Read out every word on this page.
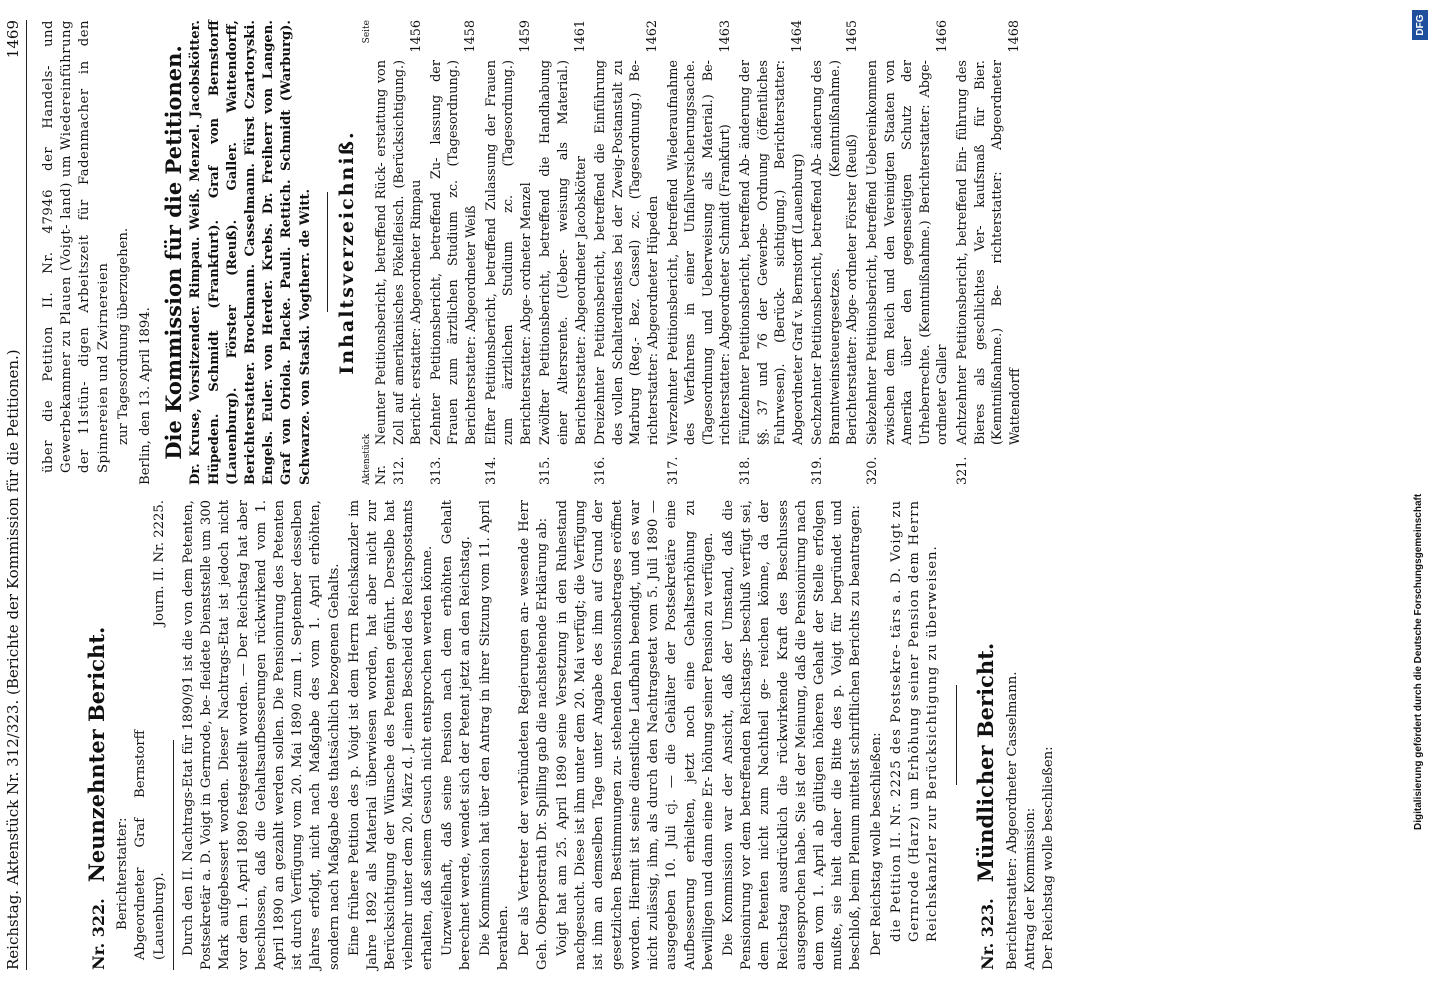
Reichstag. Aktenstück Nr. 312/323. (Berichte der Kommission für die Petitionen.)
1469
Nr. 322.
Neunzehnter Bericht. Berichterstatter: Abgeordneter Graf Bernstorff (Lauenburg).
Journ. II. Nr. 2225. Durch den II. Nachtrags-Etat für 1890/91 ist die von dem Petenten, Postsekretär a. D. Voigt in Gernrode, be- fleidete Dienststelle um 300 Mark aufgebessert worden. Dieser Nachtrags-Etat ist jedoch nicht vor dem 1. April 1890 festgestellt worden. — Der Reichstag hat aber beschlossen, daß die Gehaltsaufbesserungen rückwirkend vom 1. April 1890 an gezahlt werden sollen. Die Pensionirung des Petenten ist durch Verfügung vom 20. Mai 1890 zum 1. September desselben Jahres erfolgt, nicht nach Maßgabe des vom 1. April erhöhten, sondern nach Maßgabe des thatsächlich bezogenen Gehalts. Eine frühere Petition des p. Voigt ist dem Herrn Reichskanzler im Jahre 1892 als Material überwiesen worden, hat aber nicht zur Berücksichtigung der Wünsche des Petenten geführt. Derselbe hat vielmehr unter dem 20. März d. J. einen Bescheid des Reichspostamts erhalten, daß seinem Gesuch nicht entsprochen werden könne. Unzweifelhaft, daß seine Pension nach dem erhöhten Gehalt berechnet werde, wendet sich der Petent jetzt an den Reichstag. Die Kommission hat über den Antrag in ihrer Sitzung vom 11. April berathen. Der als Vertreter der verbündeten Regierungen an- wesende Herr Geh. Oberpostrath Dr. Spilling gab die nachstehende Erklärung ab: Voigt hat am 25. April 1890 seine Versetzung in den Ruhestand nachgesucht. Diese ist ihm unter dem 20. Mai verfügt; die Verfügung ist ihm an demselben Tage unter Angabe des ihm auf Grund der gesetzlichen Bestimmungen zu- stehenden Pensionsbetrages eröffnet worden. Hiermit ist seine dienstliche Laufbahn beendigt, und es war nicht zulässig, ihm, als durch den Nachtragsetat vom 5. Juli 1890 — ausgegeben 10. Juli cj. — die Gehälter der Postsekretäre eine Aufbesserung erhielten, jetzt noch eine Gehaltserhöhung zu bewilligen und dann eine Er- höhung seiner Pension zu verfügen. Die Kommission war der Ansicht, daß der Umstand, daß die Pensionirung vor dem betreffenden Reichstags- beschluß verfügt sei, dem Petenten nicht zum Nachtheil ge- reichen könne, da der Reichstag ausdrücklich die rückwirkende Kraft des Beschlusses ausgesprochen habe. Sie ist der Meinung, daß die Pensionirung nach dem vom 1. April ab gültigen höheren Gehalt der Stelle erfolgen mußte, sie hielt daher die Bitte des p. Voigt für begründet und beschloß, beim Plenum mittelst schriftlichen Berichts zu beantragen: Der Reichstag wolle beschließen: die Petition II. Nr. 2225 des Postsekre- tärs a. D. Voigt zu Gernrode (Harz) um Erhöhung seiner Pension dem Herrn Reichskanzler zur Berücksichtigung zu überweisen. Nr. 323.
Mündlicher Bericht.
Berichterstatter: Abgeordneter Casselmann.
Antrag der Kommission: Der Reichstag wolle beschließen:

über die Petition II. Nr. 47946 der Handels- und Gewerbekammer zu Plauen (Voigt- land) um Wiedereinführung der 11stün- digen Arbeitszeit für Fadenmacher in den Spinnereien und Zwirnereien zur Tagesordnung überzugehen. Berlin, den 13. April 1894. Die Kommission für die Petitionen. Dr. Kruse, Vorsitzender. Rimpau. Weiß. Menzel. Jacobskötter. Hüpeden. Schmidt (Frankfurt). Graf von Bernstorff (Lauenburg). Förster (Reuß). Galler. Wattendorff, Berichterstatter. Brockmann. Casselmann. Fürst Czartoryski. Engels. Euler. von Herder. Krebs. Dr. Freiherr von Langen. Graf von Oriola. Placke. Pauli. Rettich. Schmidt (Warburg). Schwarze. von Staski. Vogtherr. de Witt. Inhaltsverzeichniß.
Aktenstück
Seite
Nr. 312.
Neunter Petitionsbericht, betreffend Rück- erstattung von Zoll auf amerikanisches Pökelfleisch. (Berücksichtigung.) Bericht- erstatter: Abgeordneter Rimpau
1456
313.
Zehnter Petitionsbericht, betreffend Zu- lassung der Frauen zum ärztlichen Studium zc. (Tagesordnung.) Berichterstatter: Abgeordneter Weiß
1458
314.
Elfter Petitionsbericht, betreffend Zulassung der Frauen zum ärztlichen Studium zc. (Tagesordnung.) Berichterstatter: Abge- ordneter Menzel
1459
315.
Zwölfter Petitionsbericht, betreffend die Handhabung einer Altersrente. (Ueber- weisung als Material.) Berichterstatter: Abgeordneter Jacobskötter
1461
316.
Dreizehnter Petitionsbericht, betreffend die Einführung des vollen Schalterdienstes bei der Zweig-Postanstalt zu Marburg (Reg.- Bez. Cassel) zc. (Tagesordnung.) Be- richterstatter: Abgeordneter Hüpeden
1462
317.
Vierzehnter Petitionsbericht, betreffend Wiederaufnahme des Verfahrens in einer Unfallversicherungssache. (Tagesordnung und Ueberweisung als Material.) Be- richterstatter: Abgeordneter Schmidt (Frankfurt)
1463
318.
Fünfzehnter Petitionsbericht, betreffend Ab- änderung der §§. 37 und 76 der Gewerbe- Ordnung (öffentliches Fuhrwesen). (Berück- sichtigung.) Berichterstatter: Abgeordneter Graf v. Bernstorff (Lauenburg)
1464
319.
Sechzehnter Petitionsbericht, betreffend Ab- änderung des Branntweinsteuergesetzes. (Kenntnißnahme.) Berichterstatter: Abge- ordneter Förster (Reuß)
1465
320.
Siebzehnter Petitionsbericht, betreffend Uebereinkommen zwischen dem Reich und den Vereinigten Staaten von Amerika über den gegenseitigen Schutz der Urheberrechte. (Kenntnißnahme.) Berichterstatter: Abge- ordneter Galler
1466
321.
Achtzehnter Petitionsbericht, betreffend Ein- führung des Bieres als geschlichtes Ver- kaufsmaß für Bier. (Kenntnißnahme.) Be- richterstatter: Abgeordneter Wattendorff
1468	DFG
Digitalisierung gefördert durch die Deutsche Forschungsgemeinschaft
